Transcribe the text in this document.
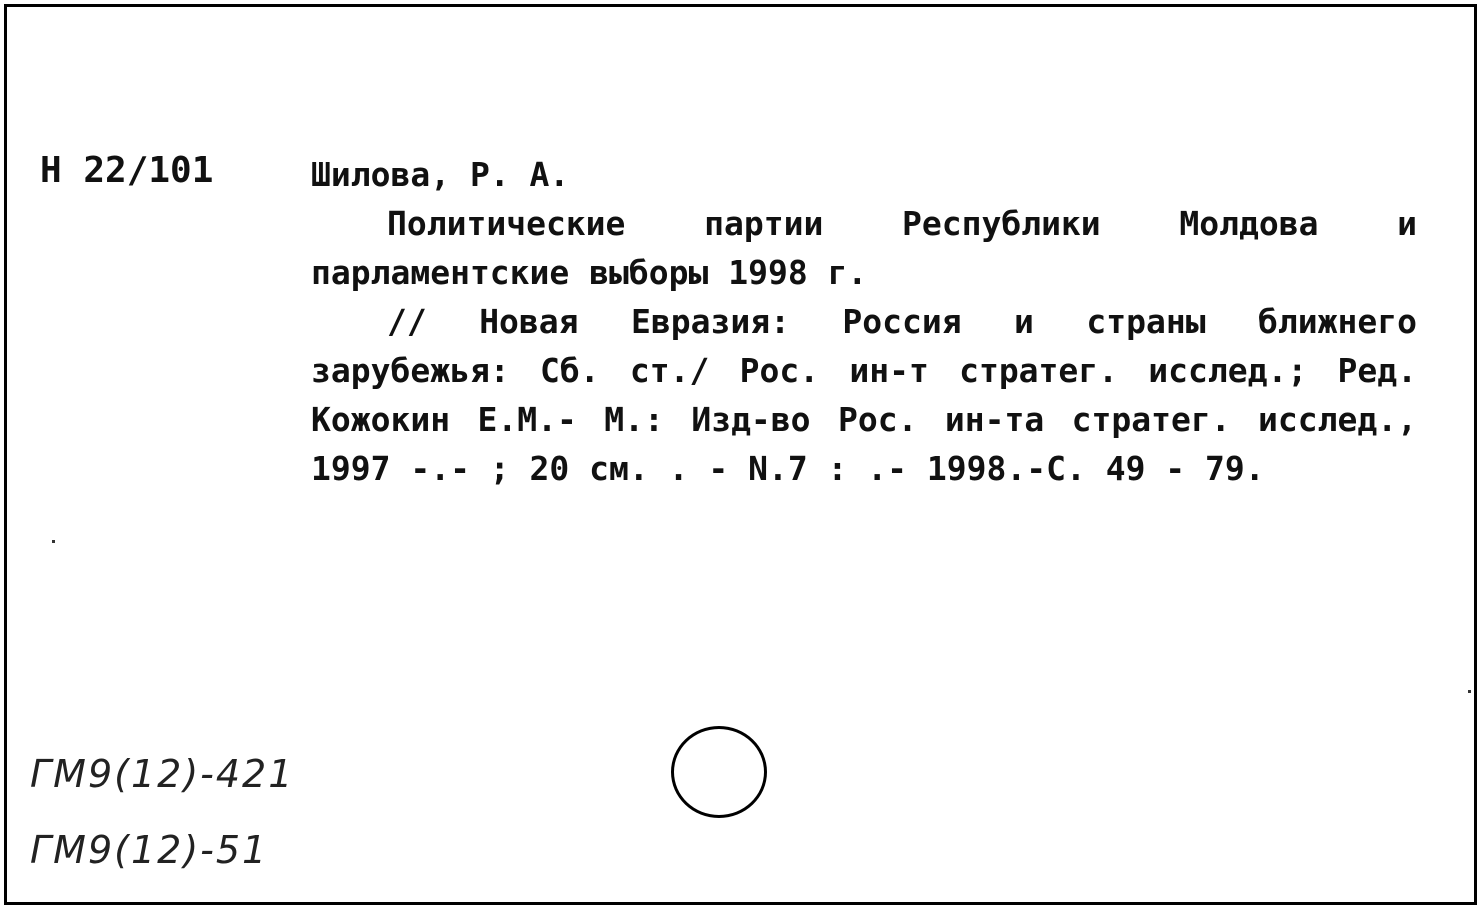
Н 22/101	Шилова, Р. А.
Политические партии Республики Молдова и парламентские выборы 1998 г.
// Новая Евразия: Россия и страны ближнего зарубежья: Сб. ст./ Рос. ин-т стратег. исслед.; Ред. Кожокин Е.М.- М.: Изд-во Рос. ин-та стратег. исслед., 1997 -.- ; 20 см. . - N.7 : .- 1998.-С. 49 - 79.
ГМ9(12)-421
ГМ9(12)-51
